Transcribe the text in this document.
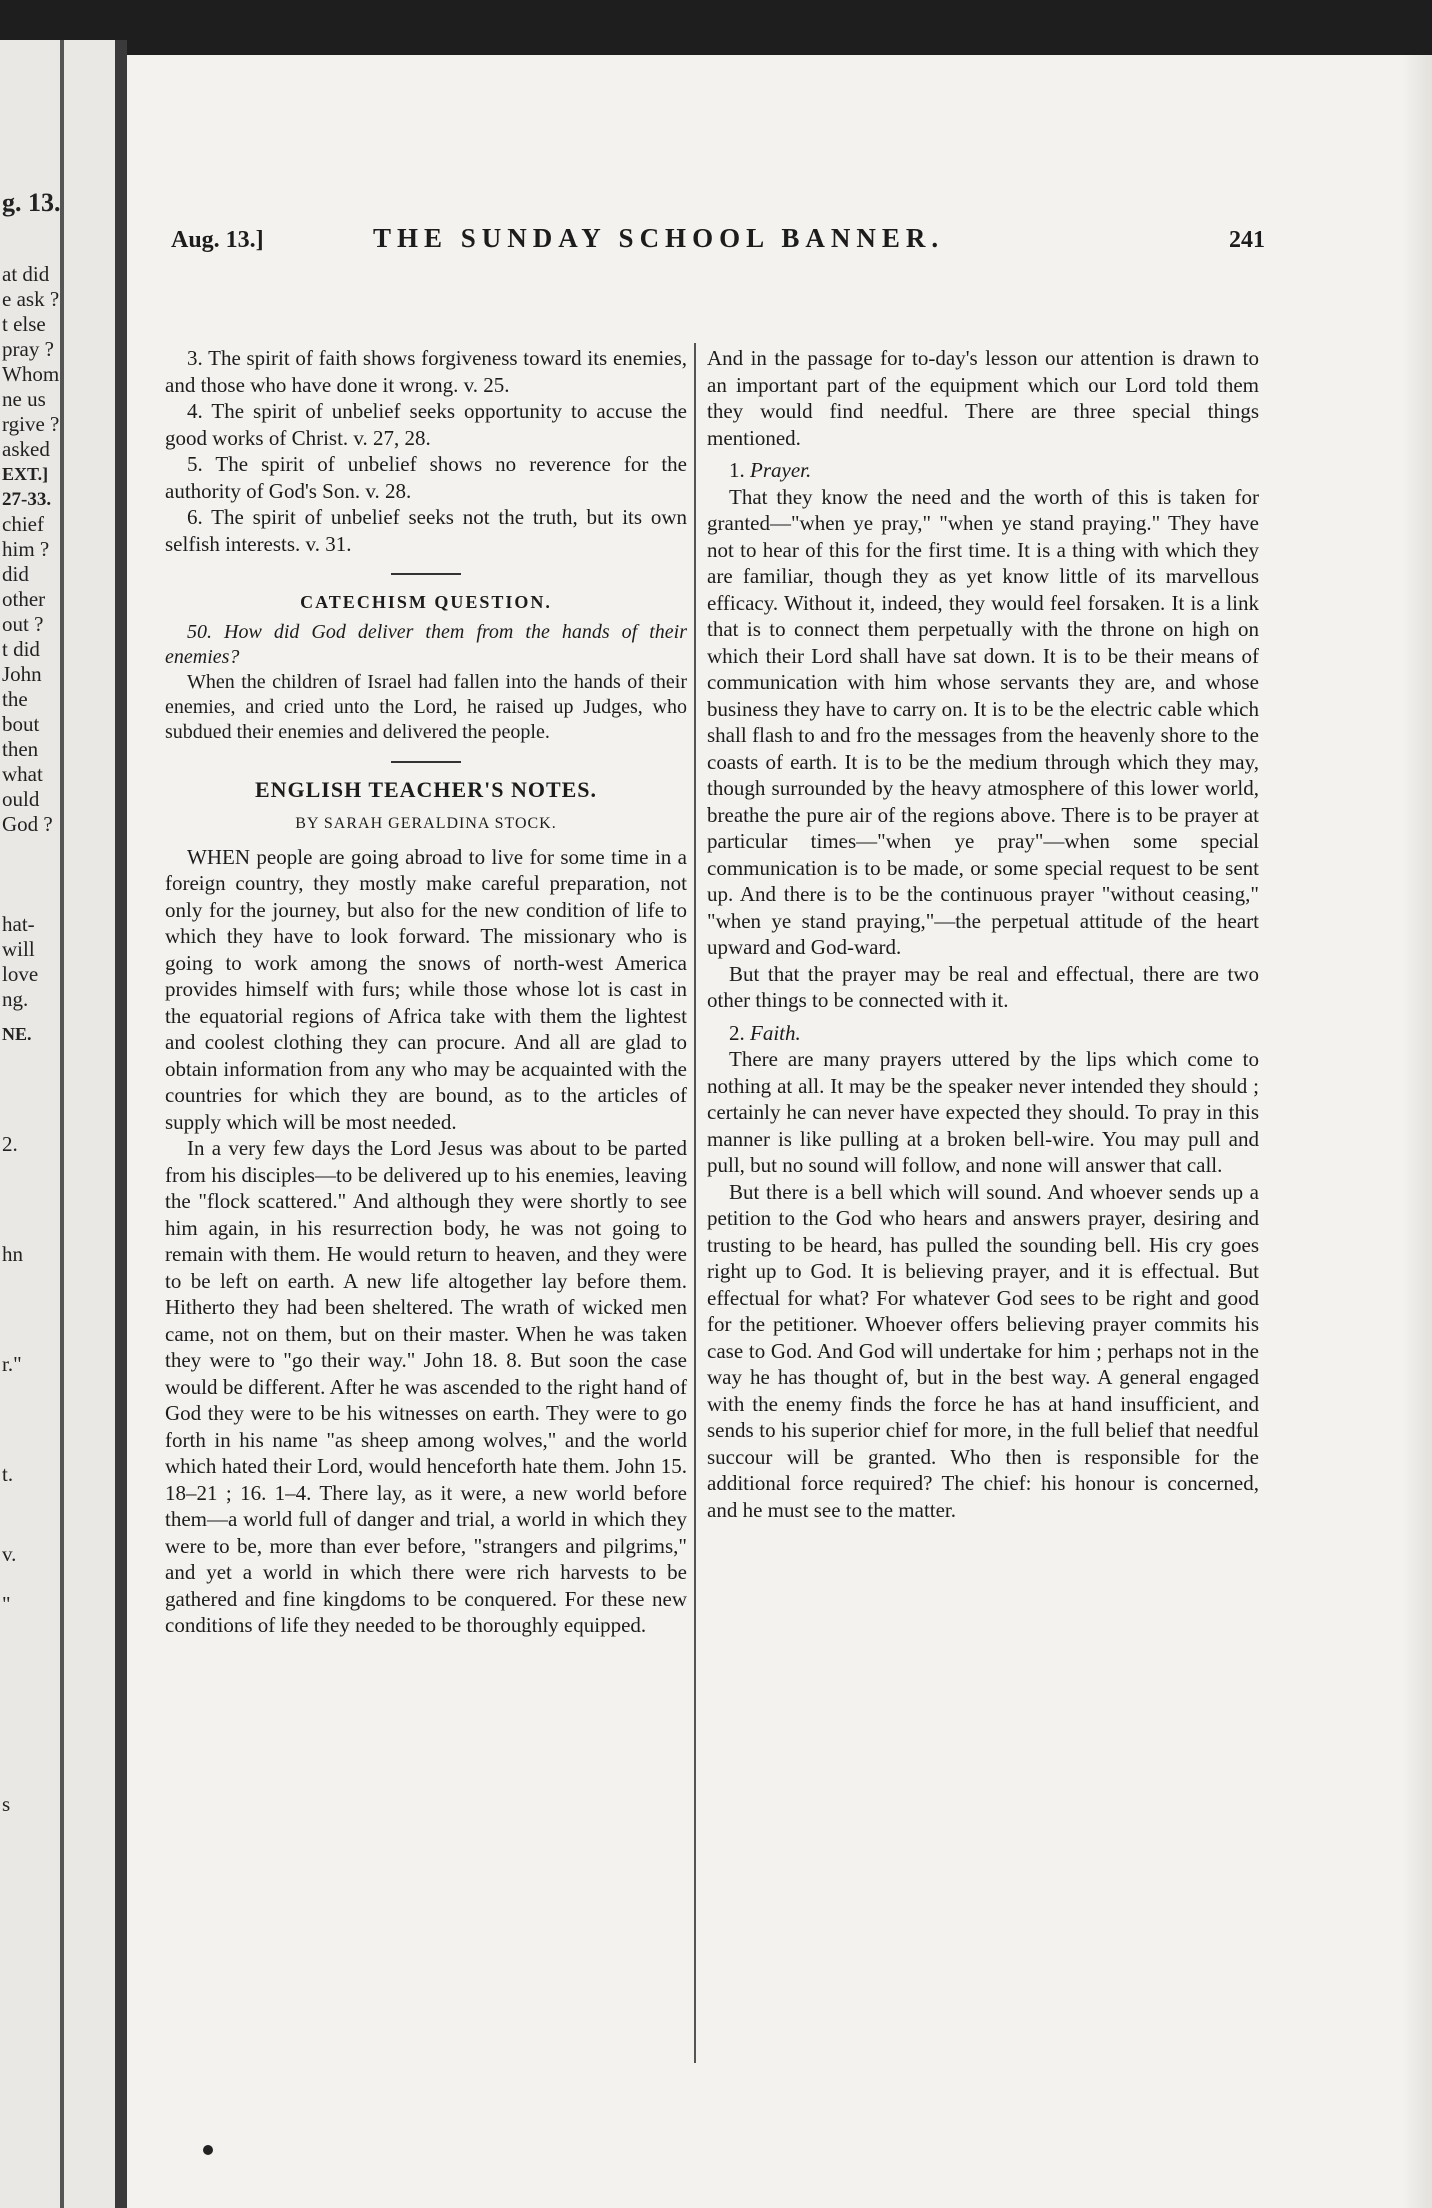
g. 13.
at did
e ask ?
t else
pray ?
Whom
ne us
rgive ?
asked
EXT.]
27-33.
chief
him ?
did
other
out ?
t did
John
the
bout
then
what
ould
God ?
hat-
will
love
ng.
NE.
2.
hn
r."
t.
v.
"
s
Aug. 13.]	THE SUNDAY SCHOOL BANNER.	241

3. The spirit of faith shows forgiveness toward its enemies, and those who have done it wrong. v. 25.

4. The spirit of unbelief seeks opportunity to accuse the good works of Christ. v. 27, 28.

5. The spirit of unbelief shows no reverence for the authority of God's Son. v. 28.

6. The spirit of unbelief seeks not the truth, but its own selfish interests. v. 31.

CATECHISM QUESTION.

50. How did God deliver them from the hands of their enemies?

When the children of Israel had fallen into the hands of their enemies, and cried unto the Lord, he raised up Judges, who subdued their enemies and delivered the people.

ENGLISH TEACHER'S NOTES.
BY SARAH GERALDINA STOCK.

WHEN people are going abroad to live for some time in a foreign country, they mostly make careful preparation, not only for the journey, but also for the new condition of life to which they have to look forward. The missionary who is going to work among the snows of north-west America provides himself with furs; while those whose lot is cast in the equatorial regions of Africa take with them the lightest and coolest clothing they can procure. And all are glad to obtain information from any who may be acquainted with the countries for which they are bound, as to the articles of supply which will be most needed.

In a very few days the Lord Jesus was about to be parted from his disciples—to be delivered up to his enemies, leaving the "flock scattered." And although they were shortly to see him again, in his resurrection body, he was not going to remain with them. He would return to heaven, and they were to be left on earth. A new life altogether lay before them. Hitherto they had been sheltered. The wrath of wicked men came, not on them, but on their master. When he was taken they were to "go their way." John 18. 8. But soon the case would be different. After he was ascended to the right hand of God they were to be his witnesses on earth. They were to go forth in his name "as sheep among wolves," and the world which hated their Lord, would henceforth hate them. John 15. 18–21 ; 16. 1–4. There lay, as it were, a new world before them—a world full of danger and trial, a world in which they were to be, more than ever before, "strangers and pilgrims," and yet a world in which there were rich harvests to be gathered and fine kingdoms to be conquered. For these new conditions of life they needed to be thoroughly equipped.

And in the passage for to-day's lesson our attention is drawn to an important part of the equipment which our Lord told them they would find needful. There are three special things mentioned.

1. Prayer.

That they know the need and the worth of this is taken for granted—"when ye pray," "when ye stand praying." They have not to hear of this for the first time. It is a thing with which they are familiar, though they as yet know little of its marvellous efficacy. Without it, indeed, they would feel forsaken. It is a link that is to connect them perpetually with the throne on high on which their Lord shall have sat down. It is to be their means of communication with him whose servants they are, and whose business they have to carry on. It is to be the electric cable which shall flash to and fro the messages from the heavenly shore to the coasts of earth. It is to be the medium through which they may, though surrounded by the heavy atmosphere of this lower world, breathe the pure air of the regions above. There is to be prayer at particular times—"when ye pray"—when some special communication is to be made, or some special request to be sent up. And there is to be the continuous prayer "without ceasing," "when ye stand praying,"—the perpetual attitude of the heart upward and God-ward.

But that the prayer may be real and effectual, there are two other things to be connected with it.

2. Faith.

There are many prayers uttered by the lips which come to nothing at all. It may be the speaker never intended they should ; certainly he can never have expected they should. To pray in this manner is like pulling at a broken bell-wire. You may pull and pull, but no sound will follow, and none will answer that call.

But there is a bell which will sound. And whoever sends up a petition to the God who hears and answers prayer, desiring and trusting to be heard, has pulled the sounding bell. His cry goes right up to God. It is believing prayer, and it is effectual. But effectual for what? For whatever God sees to be right and good for the petitioner. Whoever offers believing prayer commits his case to God. And God will undertake for him ; perhaps not in the way he has thought of, but in the best way. A general engaged with the enemy finds the force he has at hand insufficient, and sends to his superior chief for more, in the full belief that needful succour will be granted. Who then is responsible for the additional force required? The chief: his honour is concerned, and he must see to the matter.
